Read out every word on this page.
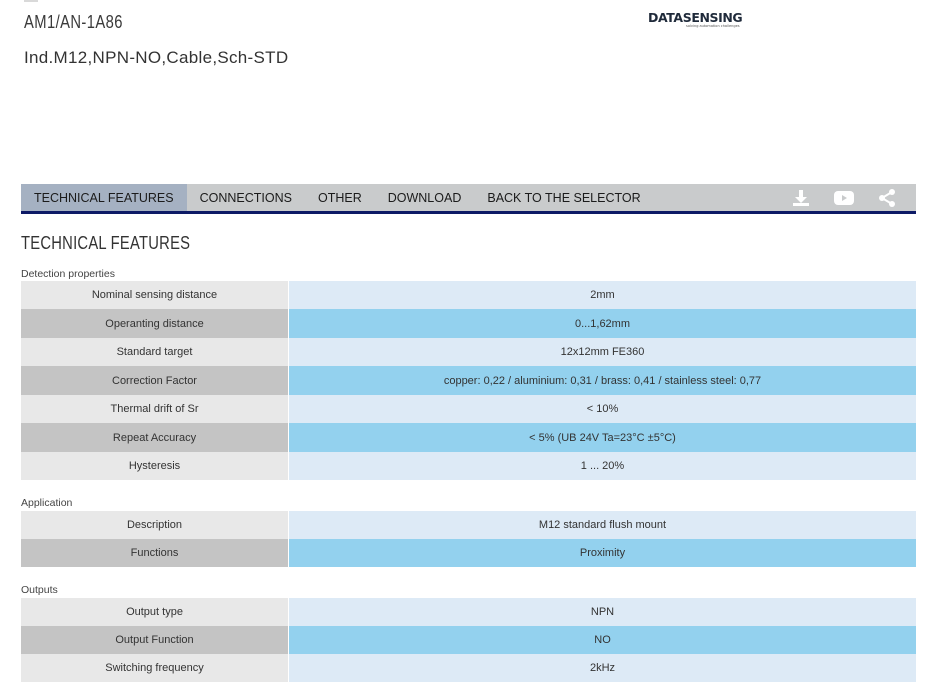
AM1/AN-1A86
Ind.M12,NPN-NO,Cable,Sch-STD
DATASENSING
solving automation challenges
TECHNICAL FEATURES	CONNECTIONS	OTHER	DOWNLOAD	BACK TO THE SELECTOR
TECHNICAL FEATURES
Detection properties
Nominal sensing distance	2mm
Operanting distance	0...1,62mm
Standard target	12x12mm FE360
Correction Factor	copper: 0,22 / aluminium: 0,31 / brass: 0,41 / stainless steel: 0,77
Thermal drift of Sr	< 10%
Repeat Accuracy	< 5% (UB 24V Ta=23°C ±5°C)
Hysteresis	1 ... 20%
Application
Description	M12 standard flush mount
Functions	Proximity
Outputs
Output type	NPN
Output Function	NO
Switching frequency	2kHz
